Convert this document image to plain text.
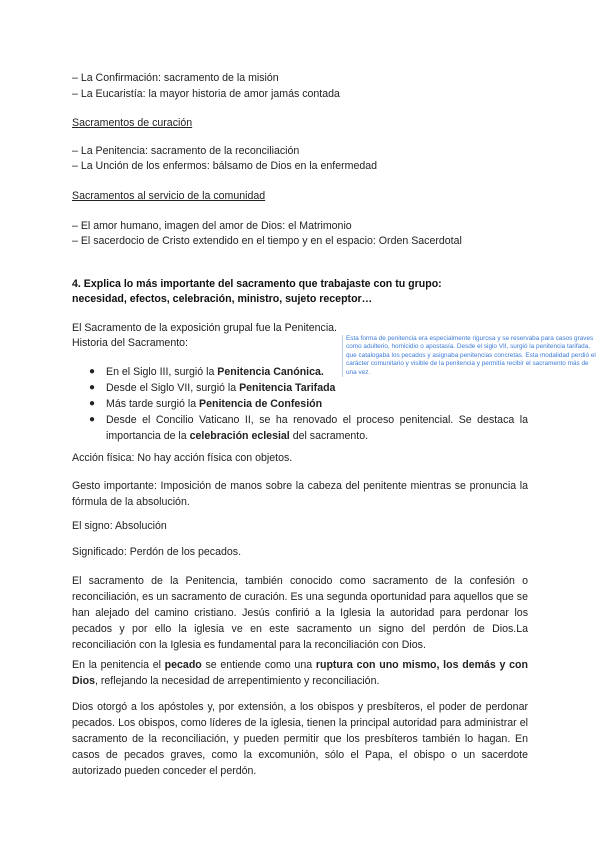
– La Confirmación: sacramento de la misión

– La Eucaristía: la mayor historia de amor jamás contada

Sacramentos de curación

– La Penitencia: sacramento de la reconciliación

– La Unción de los enfermos: bálsamo de Dios en la enfermedad

Sacramentos al servicio de la comunidad

– El amor humano, imagen del amor de Dios: el Matrimonio

– El sacerdocio de Cristo extendido en el tiempo y en el espacio: Orden Sacerdotal

4. Explica lo más importante del sacramento que trabajaste con tu grupo:

necesidad, efectos, celebración, ministro, sujeto receptor…

El Sacramento de la exposición grupal fue la Penitencia.

Historia del Sacramento:	Esta forma de penitencia era especialmente rigurosa y se reservaba para casos graves como adulterio, homicidio o apostasía. Desde el siglo VII, surgió la penitencia tarifada, que catalogaba los pecados y asignaba penitencias concretas. Esta modalidad perdió el carácter comunitario y visible de la penitencia y permitía recibir el sacramento más de una vez.
● En el Siglo III, surgió la Penitencia Canónica.
● Desde el Siglo VII, surgió la Penitencia Tarifada
● Más tarde surgió la Penitencia de Confesión
● Desde el Concilio Vaticano II, se ha renovado el proceso penitencial. Se destaca la importancia de la celebración eclesial del sacramento.

Acción física: No hay acción física con objetos.

Gesto importante: Imposición de manos sobre la cabeza del penitente mientras se pronuncia la fórmula de la absolución.

El signo: Absolución

Significado: Perdón de los pecados.

El sacramento de la Penitencia, también conocido como sacramento de la confesión o reconciliación, es un sacramento de curación. Es una segunda oportunidad para aquellos que se han alejado del camino cristiano. Jesús confirió a la Iglesia la autoridad para perdonar los pecados y por ello la iglesia ve en este sacramento un signo del perdón de Dios.La reconciliación con la Iglesia es fundamental para la reconciliación con Dios.

En la penitencia el pecado se entiende como una ruptura con uno mismo, los demás y con Dios, reflejando la necesidad de arrepentimiento y reconciliación.

Dios otorgó a los apóstoles y, por extensión, a los obispos y presbíteros, el poder de perdonar pecados. Los obispos, como líderes de la iglesia, tienen la principal autoridad para administrar el sacramento de la reconciliación, y pueden permitir que los presbíteros también lo hagan. En casos de pecados graves, como la excomunión, sólo el Papa, el obispo o un sacerdote autorizado pueden conceder el perdón.
